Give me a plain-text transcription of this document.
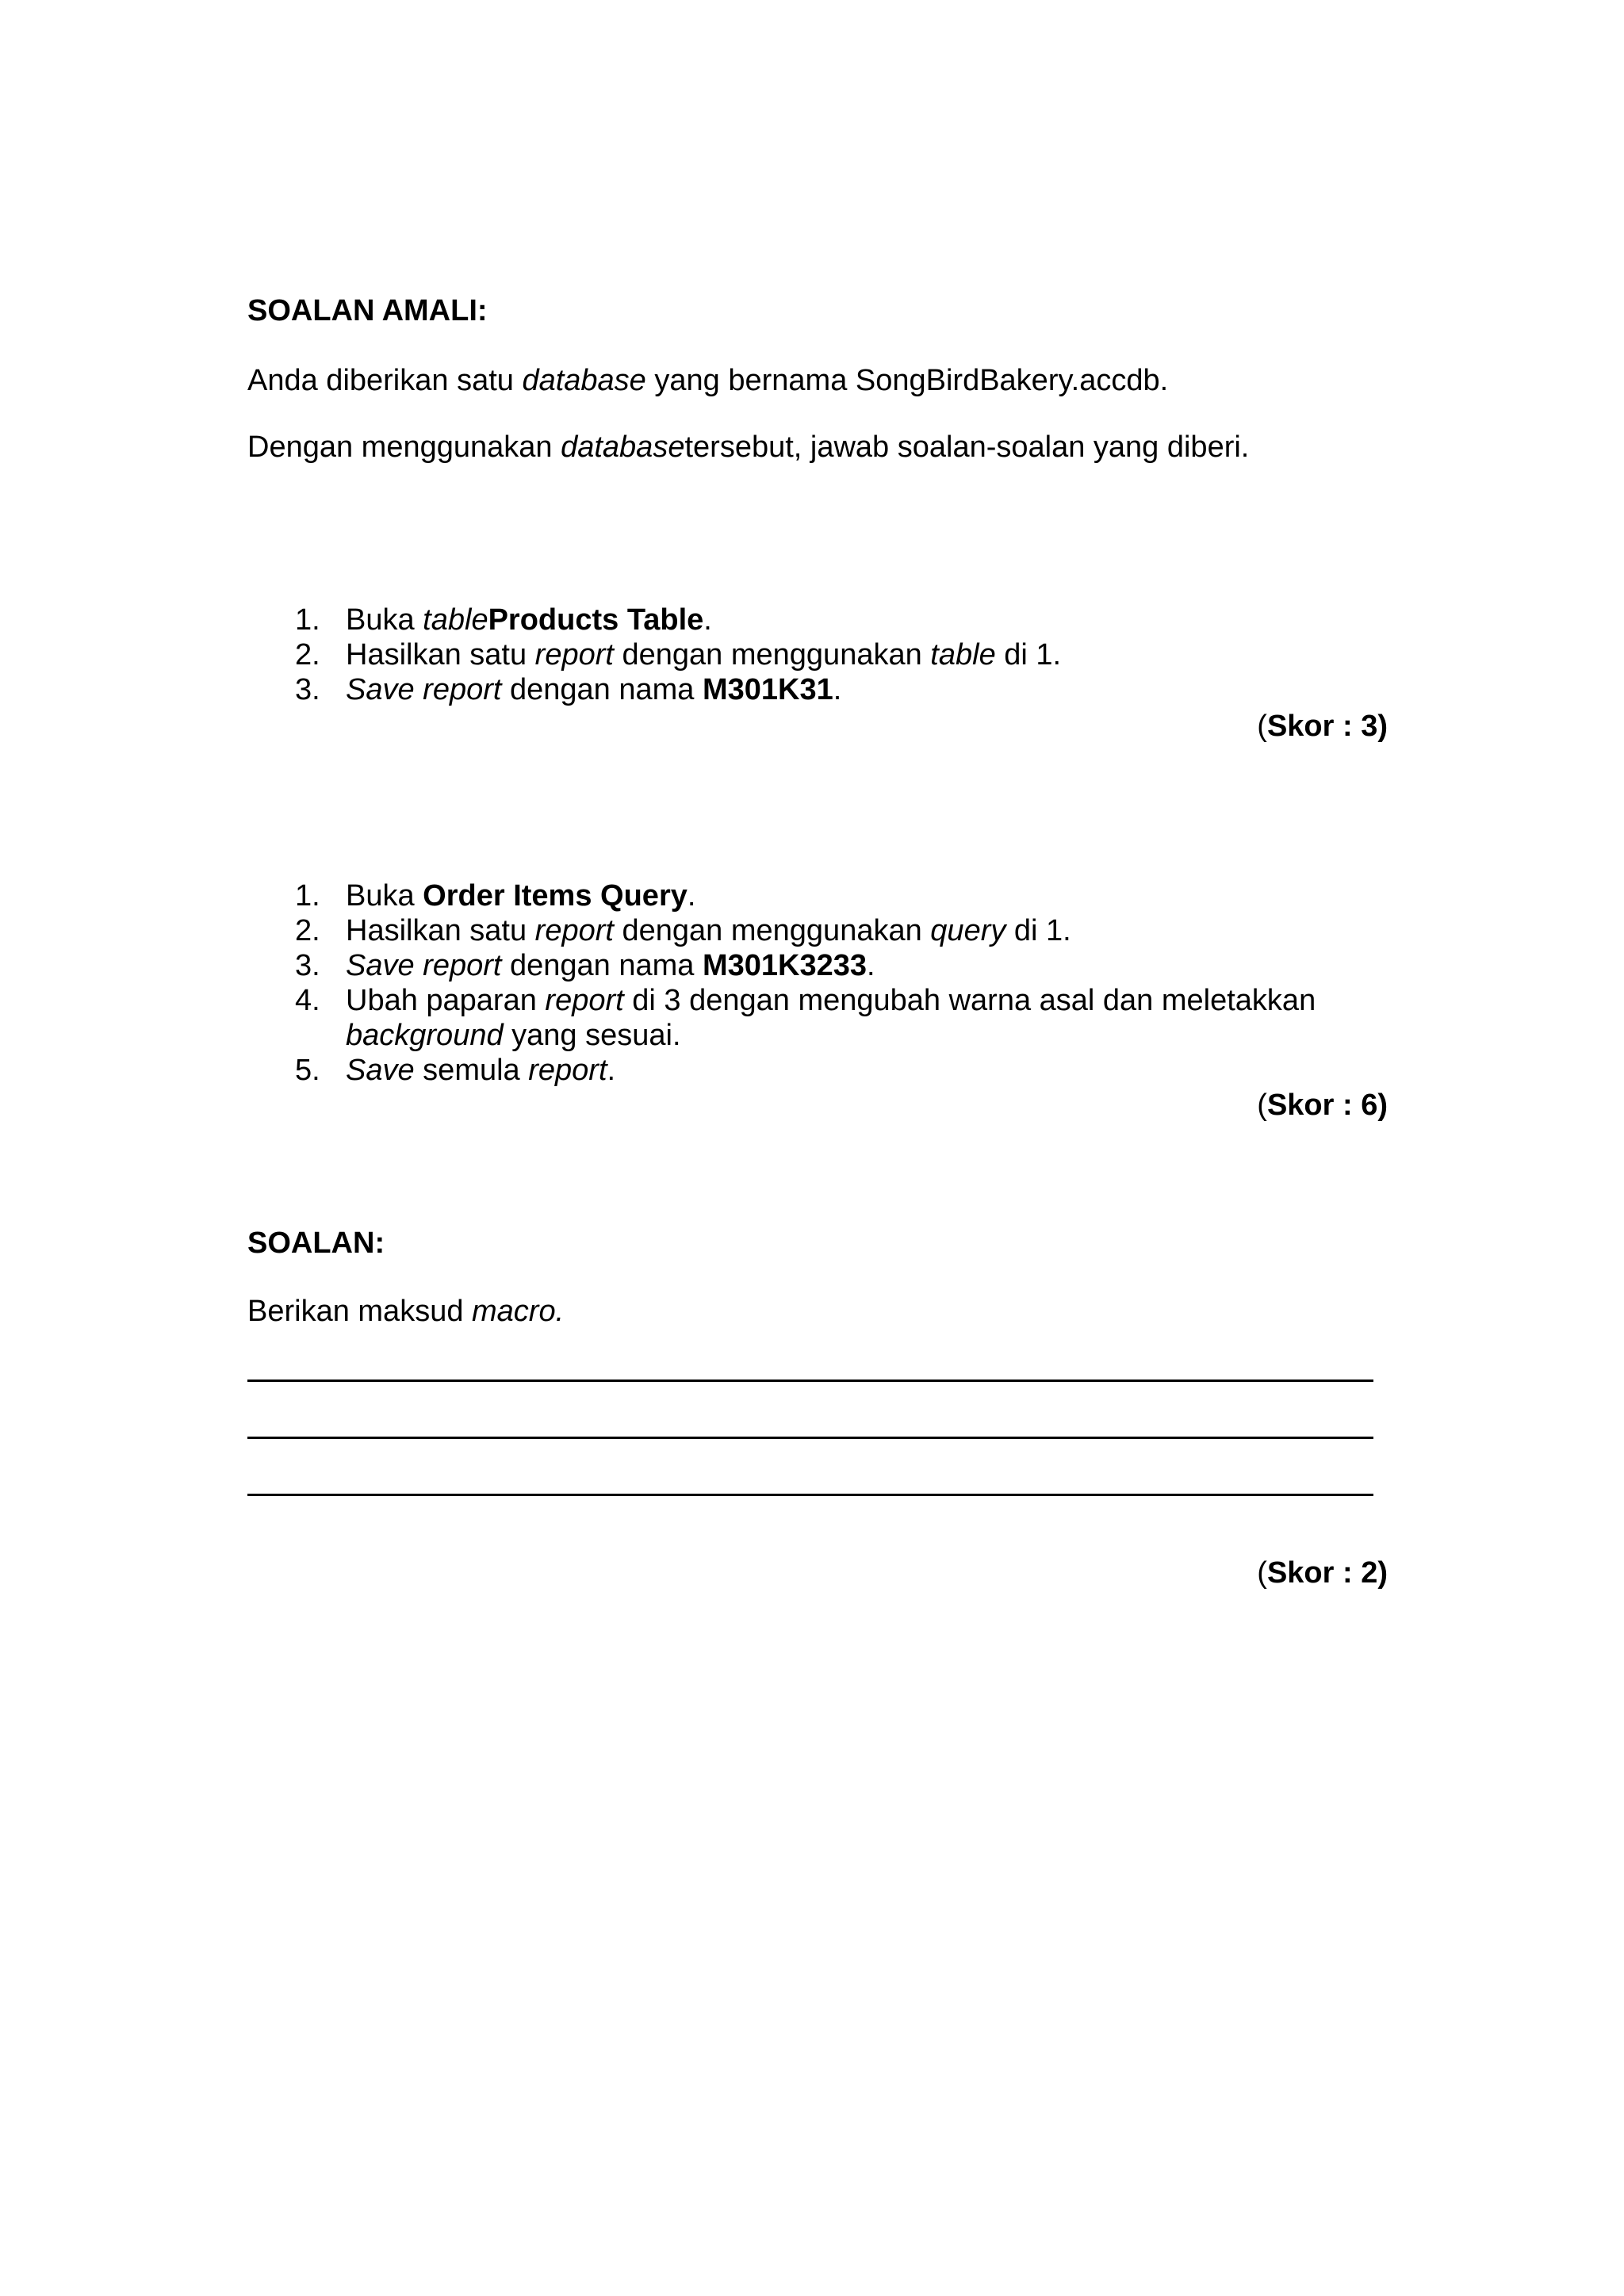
SOALAN AMALI:
Anda diberikan satu database yang bernama SongBirdBakery.accdb.
Dengan menggunakan databasetersebut, jawab soalan-soalan yang diberi.
1. Buka tableProducts Table.
2. Hasilkan satu report dengan menggunakan table di 1.
3. Save report dengan nama M301K31.
(Skor : 3)
1. Buka Order Items Query.
2. Hasilkan satu report dengan menggunakan query di 1.
3. Save report dengan nama M301K3233.
4. Ubah paparan report di 3 dengan mengubah warna asal dan meletakkan background yang sesuai.
5. Save semula report.
(Skor : 6)
SOALAN:
Berikan maksud macro.
(Skor : 2)
